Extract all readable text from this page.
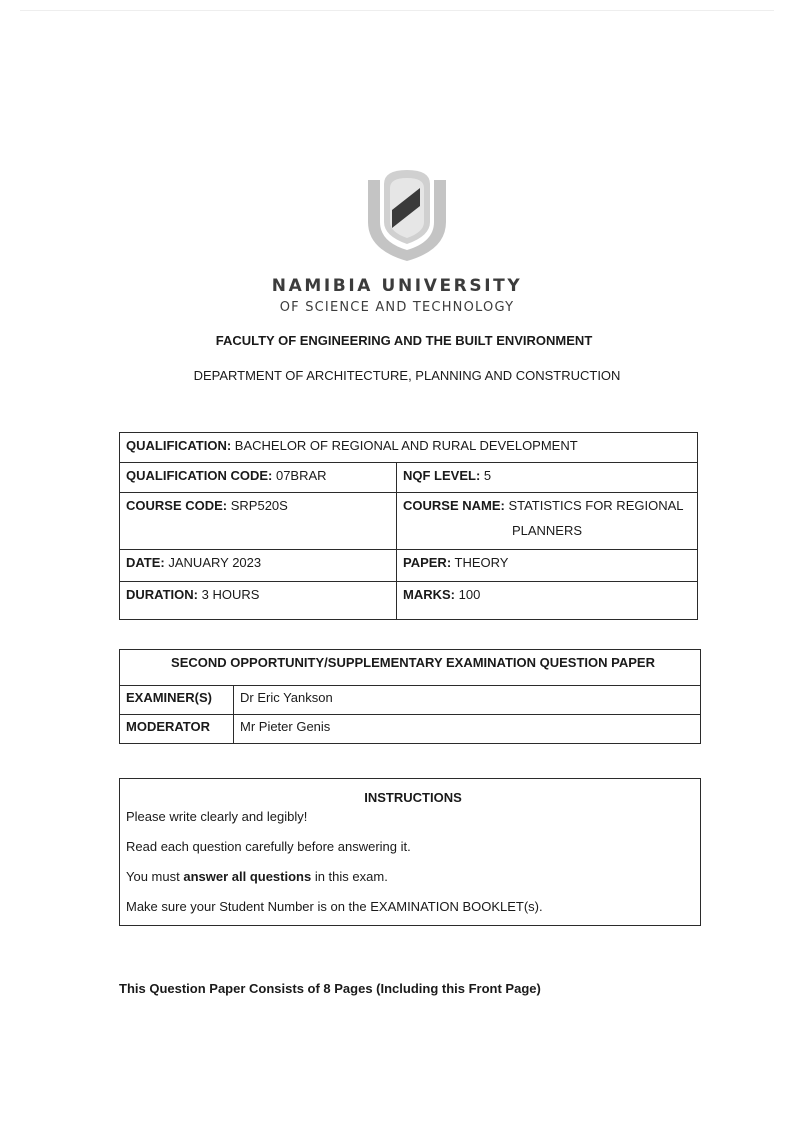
NAMIBIA UNIVERSITY
OF SCIENCE AND TECHNOLOGY
FACULTY OF ENGINEERING AND THE BUILT ENVIRONMENT
DEPARTMENT OF ARCHITECTURE, PLANNING AND CONSTRUCTION
QUALIFICATION: BACHELOR OF REGIONAL AND RURAL DEVELOPMENT	
QUALIFICATION CODE: 07BRAR	NQF LEVEL: 5
COURSE CODE: SRP520S	COURSE NAME: STATISTICS FOR REGIONAL
PLANNERS

DATE: JANUARY 2023	PAPER: THEORY
DURATION: 3 HOURS	MARKS: 100
SECOND OPPORTUNITY/SUPPLEMENTARY EXAMINATION QUESTION PAPER	
EXAMINER(S)	Dr Eric Yankson
MODERATOR	Mr Pieter Genis
INSTRUCTIONS

Please write clearly and legibly!
Read each question carefully before answering it.
You must answer all questions in this exam.
Make sure your Student Number is on the EXAMINATION BOOKLET(s).
This Question Paper Consists of 8 Pages (Including this Front Page)
